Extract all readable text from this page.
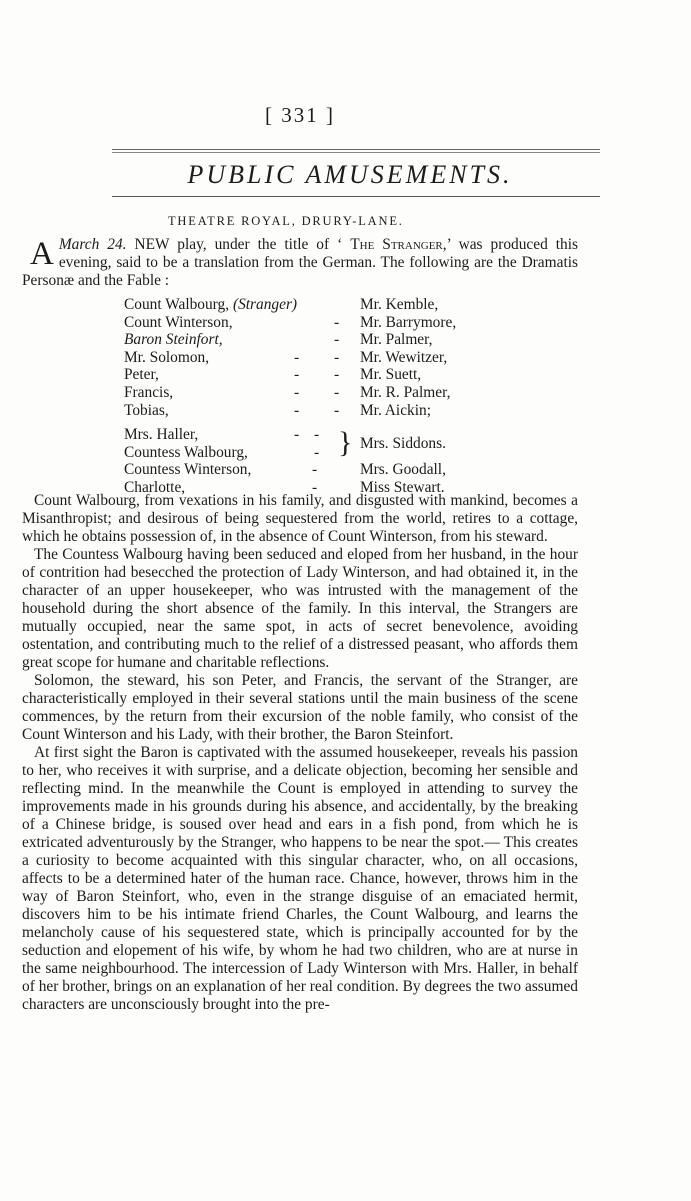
[ 331 ]
PUBLIC AMUSEMENTS.
THEATRE ROYAL, DRURY-LANE.
March 24.
A	NEW play, under the title of ‘ The Stranger,’ was produced this evening, said to be a translation from the German. The following are the Dramatis Personæ and the Fable :
Count Walbourg, (Stranger)	Mr. Kemble,
Count Winterson,	- Mr. Barrymore,
Baron Steinfort,	- Mr. Palmer,
Mr. Solomon,	- - Mr. Wewitzer,
Peter,	- - Mr. Suett,
Francis,	- - Mr. R. Palmer,
Tobias,	- - Mr. Aickin;
Mrs. Haller,	- -
Countess Walbourg,	- } Mrs. Siddons.
Countess Winterson,	-	Mrs. Goodall,
Charlotte,	-	Miss Stewart.

Count Walbourg, from vexations in his family, and disgusted with mankind, becomes a Misanthropist; and desirous of being sequestered from the world, retires to a cottage, which he obtains possession of, in the absence of Count Winterson, from his steward.

The Countess Walbourg having been seduced and eloped from her husband, in the hour of contrition had besecched the protection of Lady Winterson, and had obtained it, in the character of an upper housekeeper, who was intrusted with the management of the household during the short absence of the family. In this interval, the Strangers are mutually occupied, near the same spot, in acts of secret benevolence, avoiding ostentation, and contributing much to the relief of a distressed peasant, who affords them great scope for humane and charitable reflections.

Solomon, the steward, his son Peter, and Francis, the servant of the Stranger, are characteristically employed in their several stations until the main business of the scene commences, by the return from their excursion of the noble family, who consist of the Count Winterson and his Lady, with their brother, the Baron Steinfort.

At first sight the Baron is captivated with the assumed housekeeper, reveals his passion to her, who receives it with surprise, and a delicate objection, becoming her sensible and reflecting mind. In the meanwhile the Count is employed in attending to survey the improvements made in his grounds during his absence, and accidentally, by the breaking of a Chinese bridge, is soused over head and ears in a fish pond, from which he is extricated adventurously by the Stranger, who happens to be near the spot.— This creates a curiosity to become acquainted with this singular character, who, on all occasions, affects to be a determined hater of the human race. Chance, however, throws him in the way of Baron Steinfort, who, even in the strange disguise of an emaciated hermit, discovers him to be his intimate friend Charles, the Count Walbourg, and learns the melancholy cause of his sequestered state, which is principally accounted for by the seduction and elopement of his wife, by whom he had two children, who are at nurse in the same neighbourhood. The intercession of Lady Winterson with Mrs. Haller, in behalf of her brother, brings on an explanation of her real condition. By degrees the two assumed characters are unconsciously brought into the pre-
